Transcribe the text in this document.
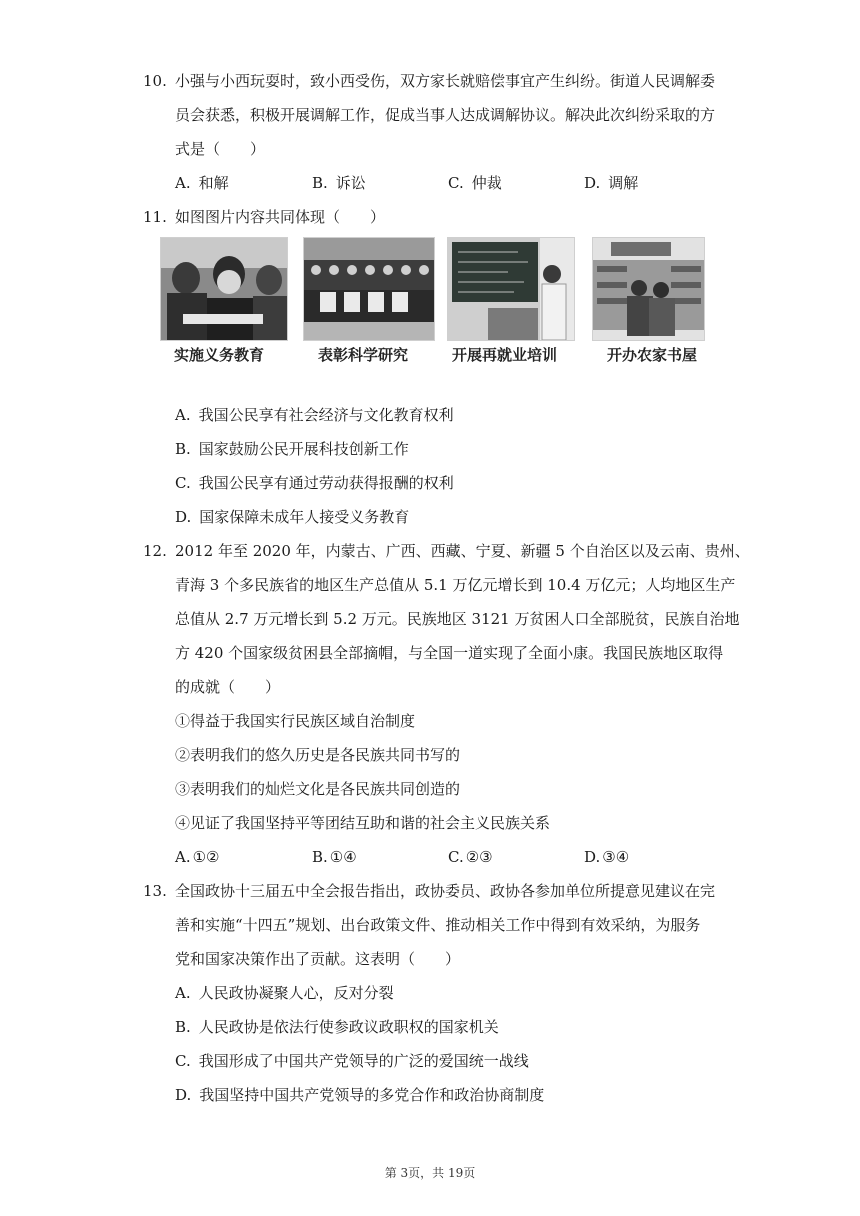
10. 小强与小西玩耍时，致小西受伤，双方家长就赔偿事宜产生纠纷。街道人民调解委
员会获悉，积极开展调解工作，促成当事人达成调解协议。解决此次纠纷采取的方
式是（　　）
A. 和解	B. 诉讼	C. 仲裁	D. 调解
11. 如图图片内容共同体现（　　）
实施义务教育	表彰科学研究	开展再就业培训	开办农家书屋
A. 我国公民享有社会经济与文化教育权利
B. 国家鼓励公民开展科技创新工作
C. 我国公民享有通过劳动获得报酬的权利
D. 国家保障未成年人接受义务教育
12. 2012 年至 2020 年，内蒙古、广西、西藏、宁夏、新疆 5 个自治区以及云南、贵州、
青海 3 个多民族省的地区生产总值从 5.1 万亿元增长到 10.4 万亿元；人均地区生产
总值从 2.7 万元增长到 5.2 万元。民族地区 3121 万贫困人口全部脱贫，民族自治地
方 420 个国家级贫困县全部摘帽，与全国一道实现了全面小康。我国民族地区取得
的成就（　　）
①得益于我国实行民族区域自治制度
②表明我们的悠久历史是各民族共同书写的
③表明我们的灿烂文化是各民族共同创造的
④见证了我国坚持平等团结互助和谐的社会主义民族关系
A. ①②	B. ①④	C. ②③	D. ③④
13. 全国政协十三届五中全会报告指出，政协委员、政协各参加单位所提意见建议在完
善和实施“十四五”规划、出台政策文件、推动相关工作中得到有效采纳，为服务
党和国家决策作出了贡献。这表明（　　）
A. 人民政协凝聚人心，反对分裂
B. 人民政协是依法行使参政议政职权的国家机关
C. 我国形成了中国共产党领导的广泛的爱国统一战线
D. 我国坚持中国共产党领导的多党合作和政治协商制度
第 3页，共 19页
